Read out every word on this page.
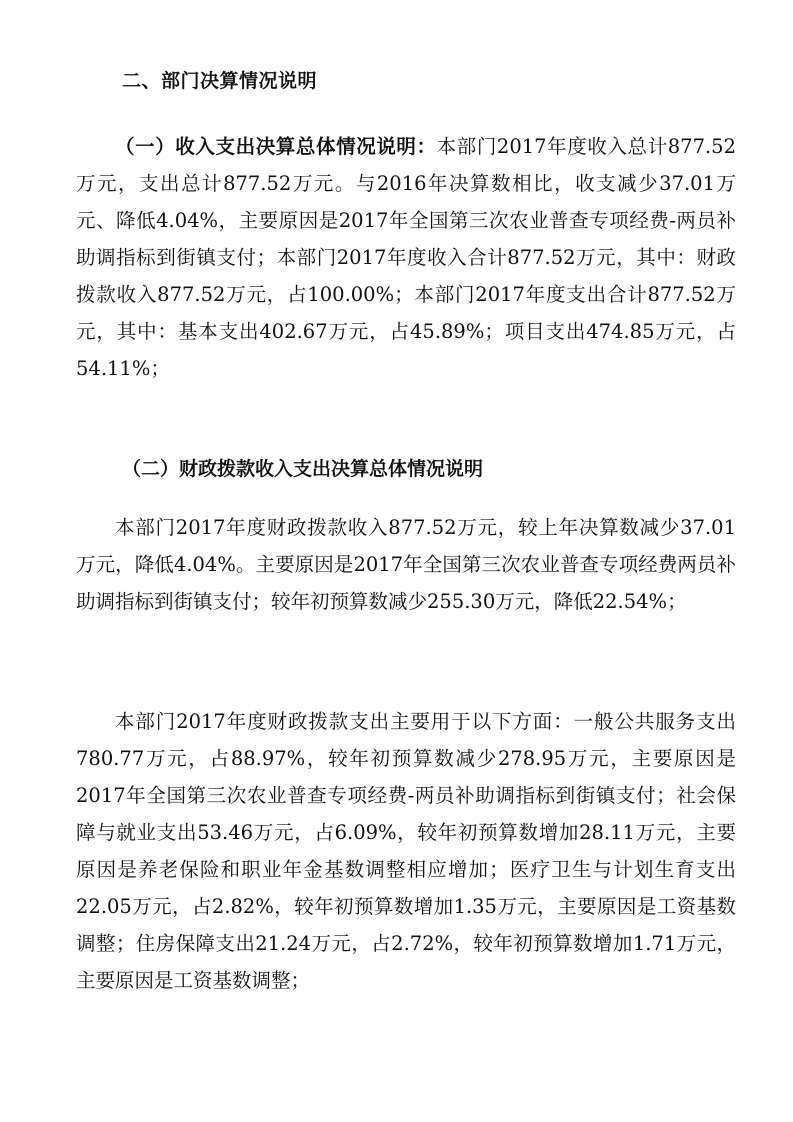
二、部门决算情况说明

（一）收入支出决算总体情况说明：本部门2017年度收入总计877.52万元，支出总计877.52万元。与2016年决算数相比，收支减少37.01万元、降低4.04%，主要原因是2017年全国第三次农业普查专项经费-两员补助调指标到街镇支付；本部门2017年度收入合计877.52万元，其中：财政拨款收入877.52万元，占100.00%；本部门2017年度支出合计877.52万元，其中：基本支出402.67万元，占45.89%；项目支出474.85万元，占54.11%；

（二）财政拨款收入支出决算总体情况说明

本部门2017年度财政拨款收入877.52万元，较上年决算数减少37.01万元，降低4.04%。主要原因是2017年全国第三次农业普查专项经费两员补助调指标到街镇支付；较年初预算数减少255.30万元，降低22.54%；

本部门2017年度财政拨款支出主要用于以下方面：一般公共服务支出780.77万元，占88.97%，较年初预算数减少278.95万元，主要原因是2017年全国第三次农业普查专项经费-两员补助调指标到街镇支付；社会保障与就业支出53.46万元，占6.09%，较年初预算数增加28.11万元，主要原因是养老保险和职业年金基数调整相应增加；医疗卫生与计划生育支出22.05万元，占2.82%，较年初预算数增加1.35万元，主要原因是工资基数调整；住房保障支出21.24万元，占2.72%，较年初预算数增加1.71万元，主要原因是工资基数调整；
